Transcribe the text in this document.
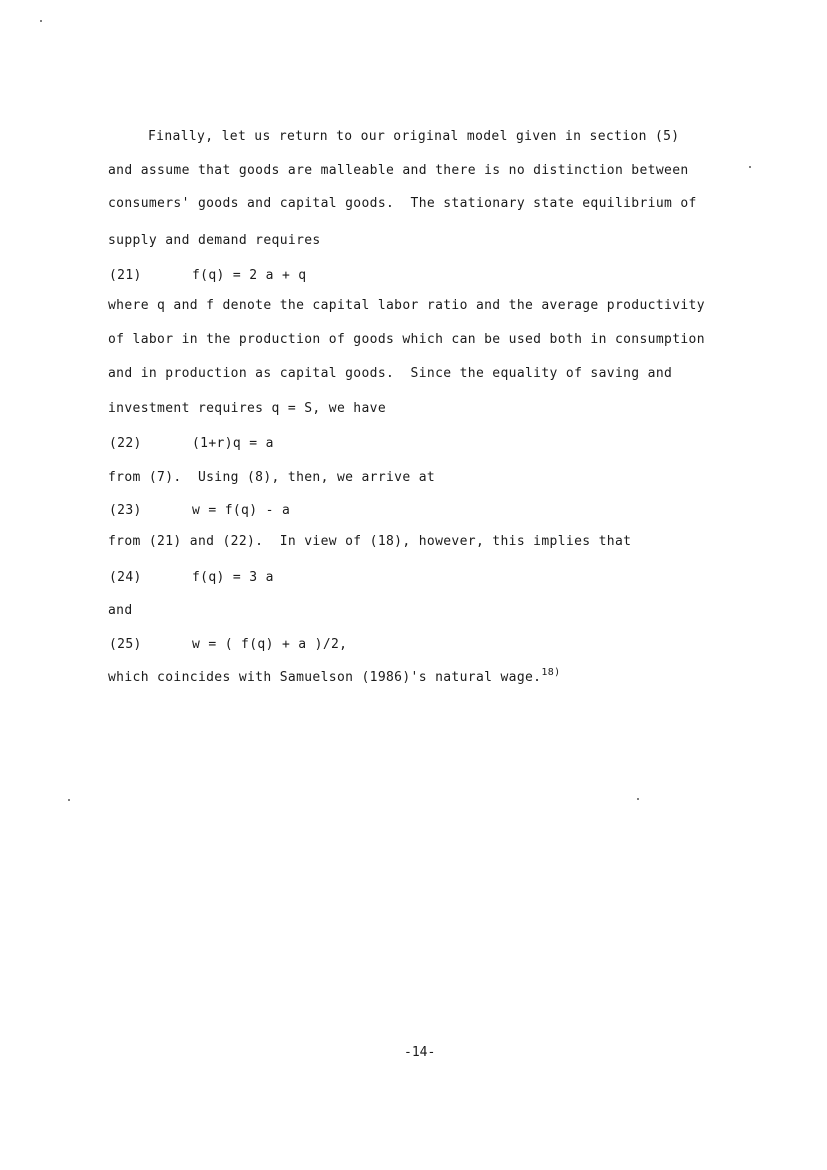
Finally, let us return to our original model given in section (5)
and assume that goods are malleable and there is no distinction between
consumers' goods and capital goods.  The stationary state equilibrium of
supply and demand requires
(21)	f(q) = 2 a + q
where q and f denote the capital labor ratio and the average productivity
of labor in the production of goods which can be used both in consumption
and in production as capital goods.  Since the equality of saving and
investment requires q = S, we have
(22)	(1+r)q = a
from (7).  Using (8), then, we arrive at
(23)	w = f(q) - a
from (21) and (22).  In view of (18), however, this implies that
(24)	f(q) = 3 a
and
(25)	w = ( f(q) + a )/2,
which coincides with Samuelson (1986)'s natural wage.$^{18)}$
-14-
